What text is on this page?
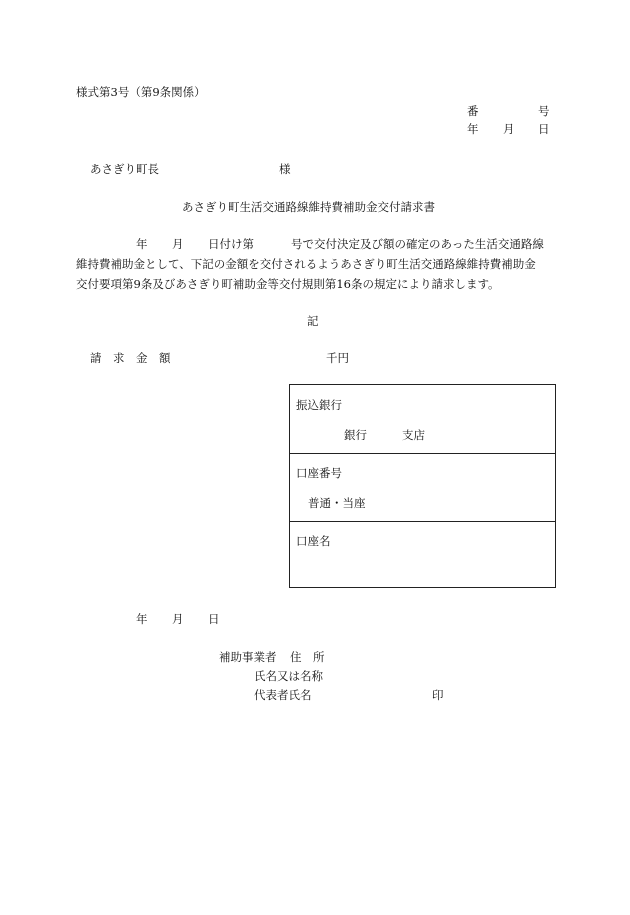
様式第3号（第9条関係）
番	号
年 月 日
あさぎり町長	様
あさぎり町生活交通路線維持費補助金交付請求書
年 月 日付け第	号で交付決定及び額の確定のあった生活交通路線
維持費補助金として、下記の金額を交付されるようあさぎり町生活交通路線維持費補助金
交付要項第9条及びあさぎり町補助金等交付規則第16条の規定により請求します。
記
請　求　金　額	千円
振込銀行
銀行	支店
口座番号
普通・当座
口座名
年 月 日
補助事業者 住　所
氏名又は名称
代表者氏名	印
